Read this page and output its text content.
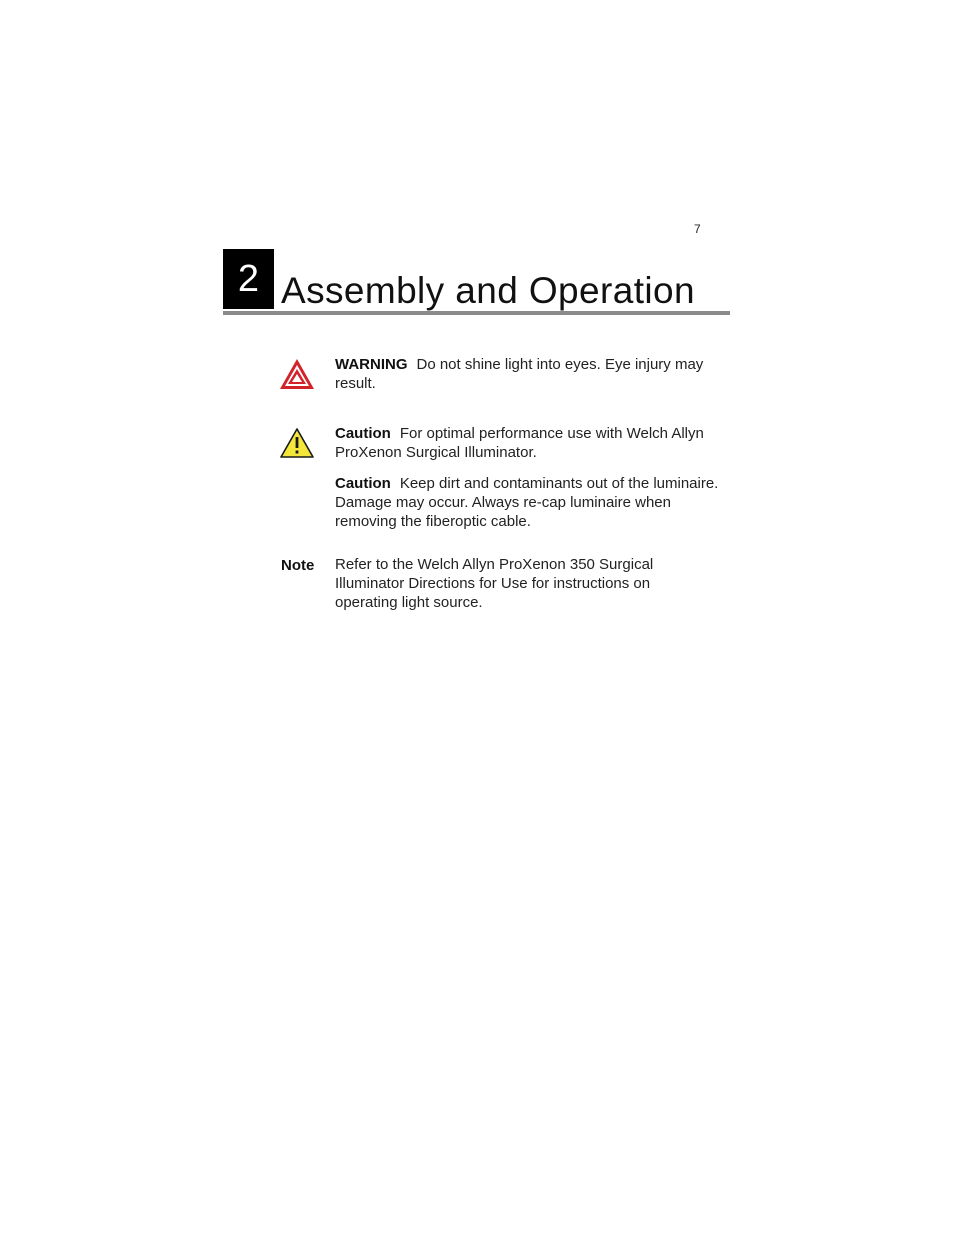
7
2 Assembly and Operation
WARNING Do not shine light into eyes. Eye injury may result.
Caution For optimal performance use with Welch Allyn ProXenon Surgical Illuminator.
Caution Keep dirt and contaminants out of the luminaire. Damage may occur. Always re-cap luminaire when removing the fiberoptic cable.
Note Refer to the Welch Allyn ProXenon 350 Surgical Illuminator Directions for Use for instructions on operating light source.
